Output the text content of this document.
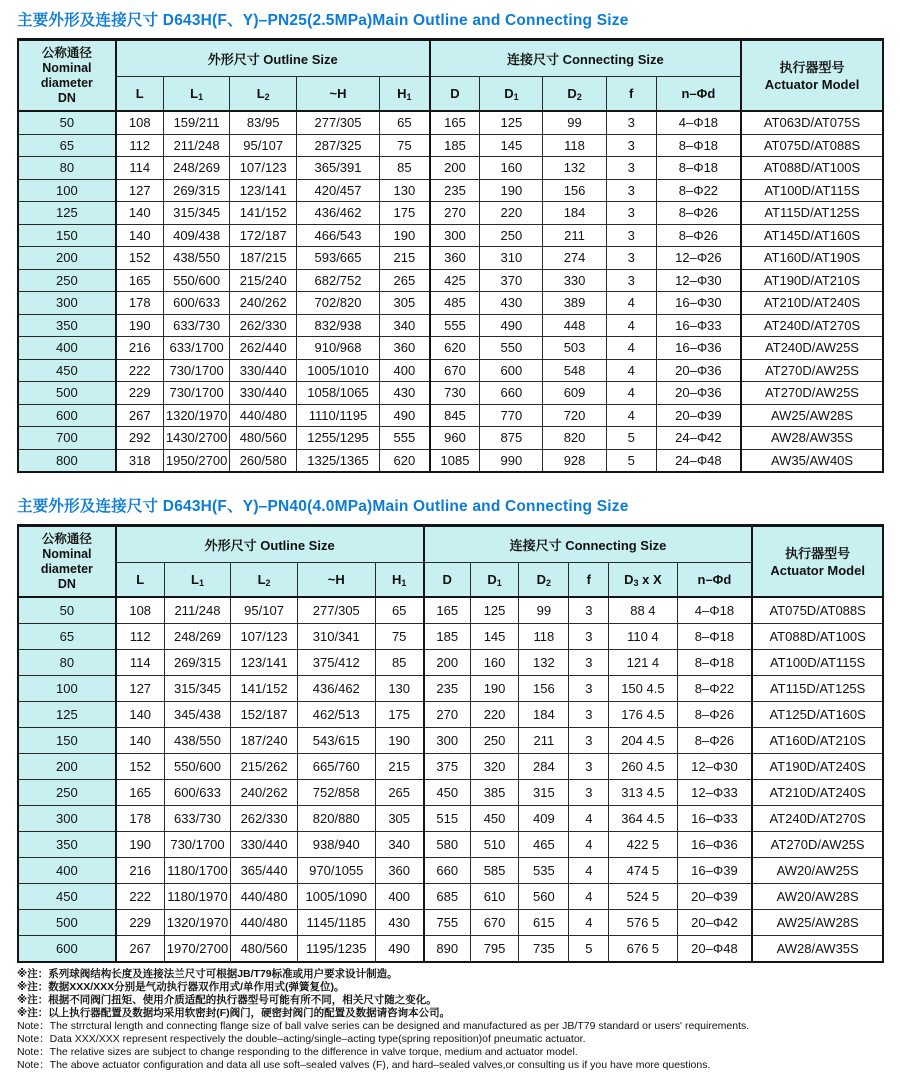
主要外形及连接尺寸 D643H(F、Y)–PN25(2.5MPa)Main Outline and Connecting Size
公称通径
Nominal
diameter
DN
	外形尺寸 Outline Size	连接尺寸 Connecting Size	执行器型号
Actuator Model

	L	$L_1$	$L_2$	~H	$H_1$	D	$D_1$	$D_2$	f	n–Φd	
50	108	159/211	83/95	277/305	65	165	125	99	3	4–Φ18	AT063D/AT075S
65	112	211/248	95/107	287/325	75	185	145	118	3	8–Φ18	AT075D/AT088S
80	114	248/269	107/123	365/391	85	200	160	132	3	8–Φ18	AT088D/AT100S
100	127	269/315	123/141	420/457	130	235	190	156	3	8–Φ22	AT100D/AT115S
125	140	315/345	141/152	436/462	175	270	220	184	3	8–Φ26	AT115D/AT125S
150	140	409/438	172/187	466/543	190	300	250	211	3	8–Φ26	AT145D/AT160S
200	152	438/550	187/215	593/665	215	360	310	274	3	12–Φ26	AT160D/AT190S
250	165	550/600	215/240	682/752	265	425	370	330	3	12–Φ30	AT190D/AT210S
300	178	600/633	240/262	702/820	305	485	430	389	4	16–Φ30	AT210D/AT240S
350	190	633/730	262/330	832/938	340	555	490	448	4	16–Φ33	AT240D/AT270S
400	216	633/1700	262/440	910/968	360	620	550	503	4	16–Φ36	AT240D/AW25S
450	222	730/1700	330/440	1005/1010	400	670	600	548	4	20–Φ36	AT270D/AW25S
500	229	730/1700	330/440	1058/1065	430	730	660	609	4	20–Φ36	AT270D/AW25S
600	267	1320/1970	440/480	1110/1195	490	845	770	720	4	20–Φ39	AW25/AW28S
700	292	1430/2700	480/560	1255/1295	555	960	875	820	5	24–Φ42	AW28/AW35S
800	318	1950/2700	260/580	1325/1365	620	1085	990	928	5	24–Φ48	AW35/AW40S
主要外形及连接尺寸 D643H(F、Y)–PN40(4.0MPa)Main Outline and Connecting Size
公称通径
Nominal
diameter
DN
	外形尺寸 Outline Size	连接尺寸 Connecting Size	执行器型号
Actuator Model

	L	$L_1$	$L_2$	~H	$H_1$	D	$D_1$	$D_2$	f	$D_3$ x X	n–Φd	
50	108	211/248	95/107	277/305	65	165	125	99	3	88 4	4–Φ18	AT075D/AT088S
65	112	248/269	107/123	310/341	75	185	145	118	3	110 4	8–Φ18	AT088D/AT100S
80	114	269/315	123/141	375/412	85	200	160	132	3	121 4	8–Φ18	AT100D/AT115S
100	127	315/345	141/152	436/462	130	235	190	156	3	150 4.5	8–Φ22	AT115D/AT125S
125	140	345/438	152/187	462/513	175	270	220	184	3	176 4.5	8–Φ26	AT125D/AT160S
150	140	438/550	187/240	543/615	190	300	250	211	3	204 4.5	8–Φ26	AT160D/AT210S
200	152	550/600	215/262	665/760	215	375	320	284	3	260 4.5	12–Φ30	AT190D/AT240S
250	165	600/633	240/262	752/858	265	450	385	315	3	313 4.5	12–Φ33	AT210D/AT240S
300	178	633/730	262/330	820/880	305	515	450	409	4	364 4.5	16–Φ33	AT240D/AT270S
350	190	730/1700	330/440	938/940	340	580	510	465	4	422 5	16–Φ36	AT270D/AW25S
400	216	1180/1700	365/440	970/1055	360	660	585	535	4	474 5	16–Φ39	AW20/AW25S
450	222	1180/1970	440/480	1005/1090	400	685	610	560	4	524 5	20–Φ39	AW20/AW28S
500	229	1320/1970	440/480	1145/1185	430	755	670	615	4	576 5	20–Φ42	AW25/AW28S
600	267	1970/2700	480/560	1195/1235	490	890	795	735	5	676 5	20–Φ48	AW28/AW35S
※注：系列球阀结构长度及连接法兰尺寸可根据JB/T79标准或用户要求设计制造。
※注：数据XXX/XXX分别是气动执行器双作用式/单作用式(弹簧复位)。
※注：根据不同阀门扭矩、使用介质适配的执行器型号可能有所不同，相关尺寸随之变化。
※注：以上执行器配置及数据均采用软密封(F)阀门，硬密封阀门的配置及数据请咨询本公司。
Note：The strrctural length and connecting flange size of ball valve series can be designed and manufactured as per JB/T79 standard or users' requirements.
Note：Data XXX/XXX represent respectively the double–acting/single–acting type(spring reposition)of pneumatic actuator.
Note：The relative sizes are subject to change responding to the difference in valve torque, medium and actuator model.
Note：The above actuator configuration and data all use soft–sealed valves (F), and hard–sealed valves,or consulting us if you have more questions.
